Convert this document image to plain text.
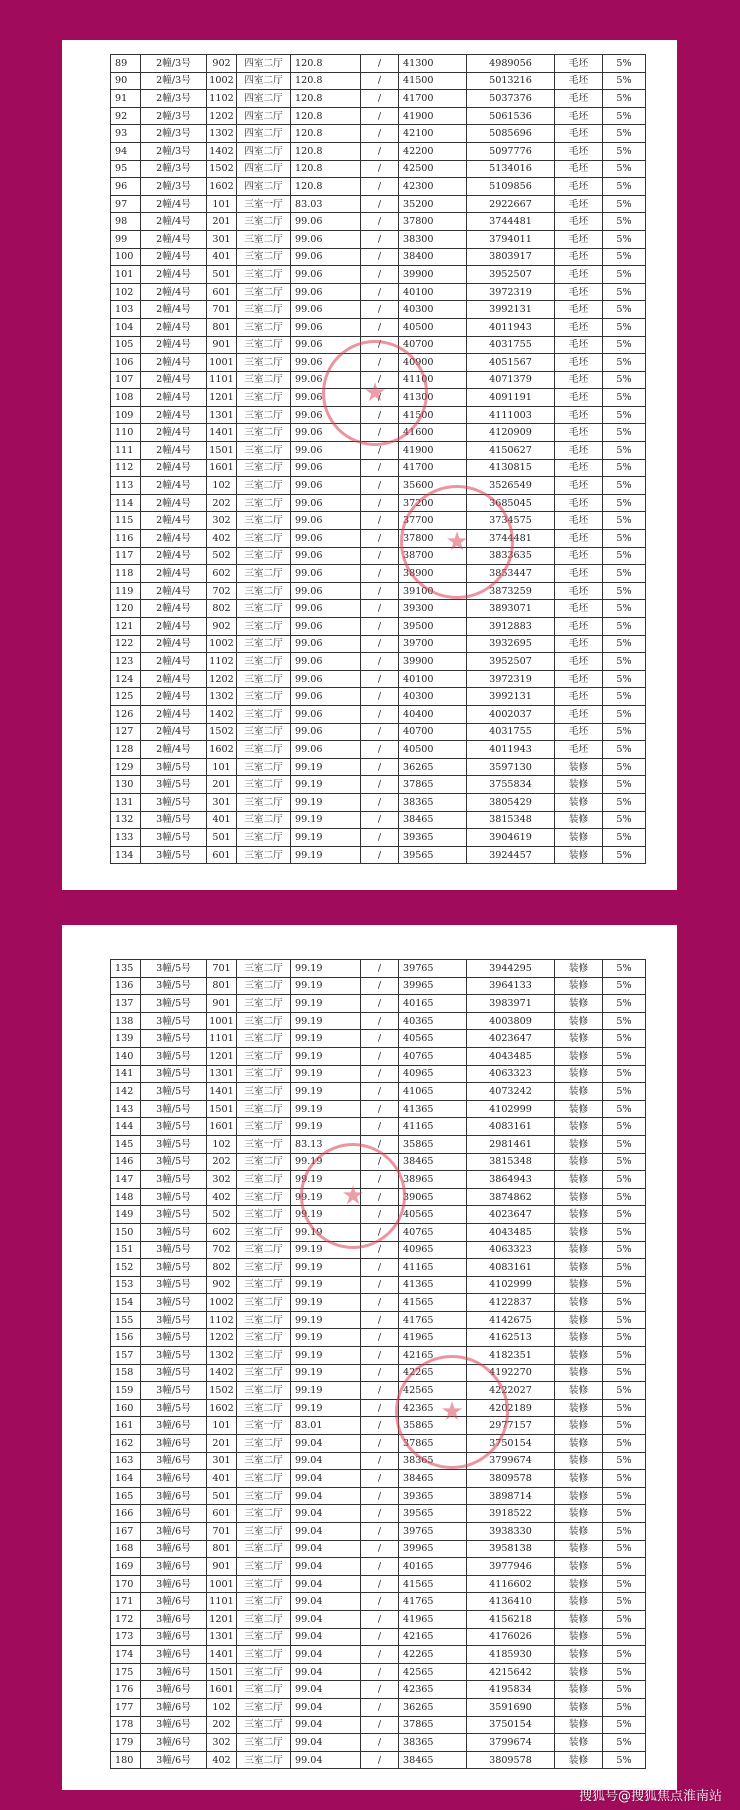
89	2幢/3号	902	四室二厅	120.8	/	41300	4989056	毛坯	5%
90	2幢/3号	1002	四室二厅	120.8	/	41500	5013216	毛坯	5%
91	2幢/3号	1102	四室二厅	120.8	/	41700	5037376	毛坯	5%
92	2幢/3号	1202	四室二厅	120.8	/	41900	5061536	毛坯	5%
93	2幢/3号	1302	四室二厅	120.8	/	42100	5085696	毛坯	5%
94	2幢/3号	1402	四室二厅	120.8	/	42200	5097776	毛坯	5%
95	2幢/3号	1502	四室二厅	120.8	/	42500	5134016	毛坯	5%
96	2幢/3号	1602	四室二厅	120.8	/	42300	5109856	毛坯	5%
97	2幢/4号	101	三室一厅	83.03	/	35200	2922667	毛坯	5%
98	2幢/4号	201	三室二厅	99.06	/	37800	3744481	毛坯	5%
99	2幢/4号	301	三室二厅	99.06	/	38300	3794011	毛坯	5%
100	2幢/4号	401	三室二厅	99.06	/	38400	3803917	毛坯	5%
101	2幢/4号	501	三室二厅	99.06	/	39900	3952507	毛坯	5%
102	2幢/4号	601	三室二厅	99.06	/	40100	3972319	毛坯	5%
103	2幢/4号	701	三室二厅	99.06	/	40300	3992131	毛坯	5%
104	2幢/4号	801	三室二厅	99.06	/	40500	4011943	毛坯	5%
105	2幢/4号	901	三室二厅	99.06	/	40700	4031755	毛坯	5%
106	2幢/4号	1001	三室二厅	99.06	/	40900	4051567	毛坯	5%
107	2幢/4号	1101	三室二厅	99.06	/	41100	4071379	毛坯	5%
108	2幢/4号	1201	三室二厅	99.06	/	41300	4091191	毛坯	5%
109	2幢/4号	1301	三室二厅	99.06	/	41500	4111003	毛坯	5%
110	2幢/4号	1401	三室二厅	99.06	/	41600	4120909	毛坯	5%
111	2幢/4号	1501	三室二厅	99.06	/	41900	4150627	毛坯	5%
112	2幢/4号	1601	三室二厅	99.06	/	41700	4130815	毛坯	5%
113	2幢/4号	102	三室二厅	99.06	/	35600	3526549	毛坯	5%
114	2幢/4号	202	三室二厅	99.06	/	37200	3685045	毛坯	5%
115	2幢/4号	302	三室二厅	99.06	/	37700	3734575	毛坯	5%
116	2幢/4号	402	三室二厅	99.06	/	37800	3744481	毛坯	5%
117	2幢/4号	502	三室二厅	99.06	/	38700	3833635	毛坯	5%
118	2幢/4号	602	三室二厅	99.06	/	38900	3853447	毛坯	5%
119	2幢/4号	702	三室二厅	99.06	/	39100	3873259	毛坯	5%
120	2幢/4号	802	三室二厅	99.06	/	39300	3893071	毛坯	5%
121	2幢/4号	902	三室二厅	99.06	/	39500	3912883	毛坯	5%
122	2幢/4号	1002	三室二厅	99.06	/	39700	3932695	毛坯	5%
123	2幢/4号	1102	三室二厅	99.06	/	39900	3952507	毛坯	5%
124	2幢/4号	1202	三室二厅	99.06	/	40100	3972319	毛坯	5%
125	2幢/4号	1302	三室二厅	99.06	/	40300	3992131	毛坯	5%
126	2幢/4号	1402	三室二厅	99.06	/	40400	4002037	毛坯	5%
127	2幢/4号	1502	三室二厅	99.06	/	40700	4031755	毛坯	5%
128	2幢/4号	1602	三室二厅	99.06	/	40500	4011943	毛坯	5%
129	3幢/5号	101	三室二厅	99.19	/	36265	3597130	装修	5%
130	3幢/5号	201	三室二厅	99.19	/	37865	3755834	装修	5%
131	3幢/5号	301	三室二厅	99.19	/	38365	3805429	装修	5%
132	3幢/5号	401	三室二厅	99.19	/	38465	3815348	装修	5%
133	3幢/5号	501	三室二厅	99.19	/	39365	3904619	装修	5%
134	3幢/5号	601	三室二厅	99.19	/	39565	3924457	装修	5%
★
★
135	3幢/5号	701	三室二厅	99.19	/	39765	3944295	装修	5%
136	3幢/5号	801	三室二厅	99.19	/	39965	3964133	装修	5%
137	3幢/5号	901	三室二厅	99.19	/	40165	3983971	装修	5%
138	3幢/5号	1001	三室二厅	99.19	/	40365	4003809	装修	5%
139	3幢/5号	1101	三室二厅	99.19	/	40565	4023647	装修	5%
140	3幢/5号	1201	三室二厅	99.19	/	40765	4043485	装修	5%
141	3幢/5号	1301	三室二厅	99.19	/	40965	4063323	装修	5%
142	3幢/5号	1401	三室二厅	99.19	/	41065	4073242	装修	5%
143	3幢/5号	1501	三室二厅	99.19	/	41365	4102999	装修	5%
144	3幢/5号	1601	三室二厅	99.19	/	41165	4083161	装修	5%
145	3幢/5号	102	三室一厅	83.13	/	35865	2981461	装修	5%
146	3幢/5号	202	三室二厅	99.19	/	38465	3815348	装修	5%
147	3幢/5号	302	三室二厅	99.19	/	38965	3864943	装修	5%
148	3幢/5号	402	三室二厅	99.19	/	39065	3874862	装修	5%
149	3幢/5号	502	三室二厅	99.19	/	40565	4023647	装修	5%
150	3幢/5号	602	三室二厅	99.19	/	40765	4043485	装修	5%
151	3幢/5号	702	三室二厅	99.19	/	40965	4063323	装修	5%
152	3幢/5号	802	三室二厅	99.19	/	41165	4083161	装修	5%
153	3幢/5号	902	三室二厅	99.19	/	41365	4102999	装修	5%
154	3幢/5号	1002	三室二厅	99.19	/	41565	4122837	装修	5%
155	3幢/5号	1102	三室二厅	99.19	/	41765	4142675	装修	5%
156	3幢/5号	1202	三室二厅	99.19	/	41965	4162513	装修	5%
157	3幢/5号	1302	三室二厅	99.19	/	42165	4182351	装修	5%
158	3幢/5号	1402	三室二厅	99.19	/	42265	4192270	装修	5%
159	3幢/5号	1502	三室二厅	99.19	/	42565	4222027	装修	5%
160	3幢/5号	1602	三室二厅	99.19	/	42365	4202189	装修	5%
161	3幢/6号	101	三室一厅	83.01	/	35865	2977157	装修	5%
162	3幢/6号	201	三室二厅	99.04	/	37865	3750154	装修	5%
163	3幢/6号	301	三室二厅	99.04	/	38365	3799674	装修	5%
164	3幢/6号	401	三室二厅	99.04	/	38465	3809578	装修	5%
165	3幢/6号	501	三室二厅	99.04	/	39365	3898714	装修	5%
166	3幢/6号	601	三室二厅	99.04	/	39565	3918522	装修	5%
167	3幢/6号	701	三室二厅	99.04	/	39765	3938330	装修	5%
168	3幢/6号	801	三室二厅	99.04	/	39965	3958138	装修	5%
169	3幢/6号	901	三室二厅	99.04	/	40165	3977946	装修	5%
170	3幢/6号	1001	三室二厅	99.04	/	41565	4116602	装修	5%
171	3幢/6号	1101	三室二厅	99.04	/	41765	4136410	装修	5%
172	3幢/6号	1201	三室二厅	99.04	/	41965	4156218	装修	5%
173	3幢/6号	1301	三室二厅	99.04	/	42165	4176026	装修	5%
174	3幢/6号	1401	三室二厅	99.04	/	42265	4185930	装修	5%
175	3幢/6号	1501	三室二厅	99.04	/	42565	4215642	装修	5%
176	3幢/6号	1601	三室二厅	99.04	/	42365	4195834	装修	5%
177	3幢/6号	102	三室二厅	99.04	/	36265	3591690	装修	5%
178	3幢/6号	202	三室二厅	99.04	/	37865	3750154	装修	5%
179	3幢/6号	302	三室二厅	99.04	/	38365	3799674	装修	5%
180	3幢/6号	402	三室二厅	99.04	/	38465	3809578	装修	5%
★
★
搜狐号@搜狐焦点淮南站
